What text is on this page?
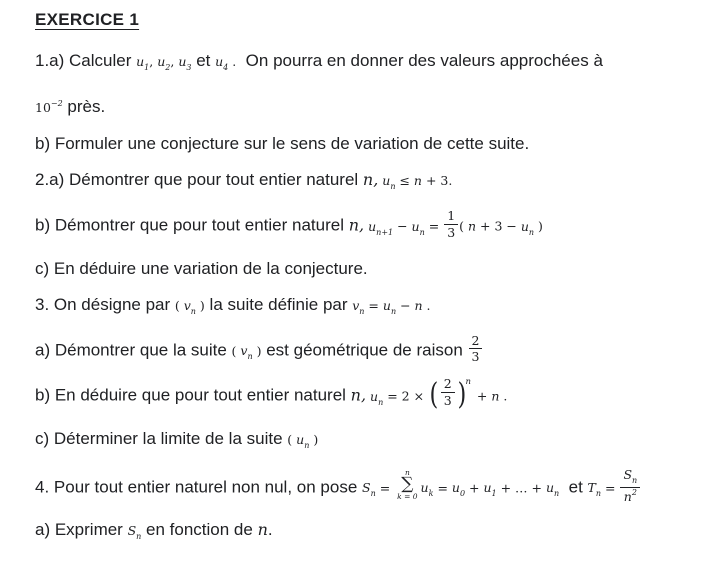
EXERCICE 1

1.a) Calculer $u_1$, $u_2$, $u_3$ et $u_4$ .  On pourra en donner des valeurs approchées à

$10^{-2}$ près.

b) Formuler une conjecture sur le sens de variation de cette suite.

2.a) Démontrer que pour tout entier naturel n, $u_n \le n + 3$.

b) Démontrer que pour tout entier naturel n, $u_{n+1} - u_n = \frac{1}{3}$ ( $n + 3 - u_n$ )

c) En déduire une variation de la conjecture.

3. On désigne par ( $v_n$ ) la suite définie par $v_n = u_n - n$ .

a) Démontrer que la suite ( $v_n$ ) est géométrique de raison $\frac{2}{3}$

b) En déduire que pour tout entier naturel n, $u_n = 2$ × ( $\frac{2}{3}$ ) n
+ n .

c) Déterminer la limite de la suite ( $u_n$ )

4. Pour tout entier naturel non nul, on pose $S_n$ =
n
∑
k = 0
$u_k = u_0 + u_1$ + … + $u_n$  et $T_n = \frac{S_n}{n^2}$

a) Exprimer $S_n$ en fonction de n.
